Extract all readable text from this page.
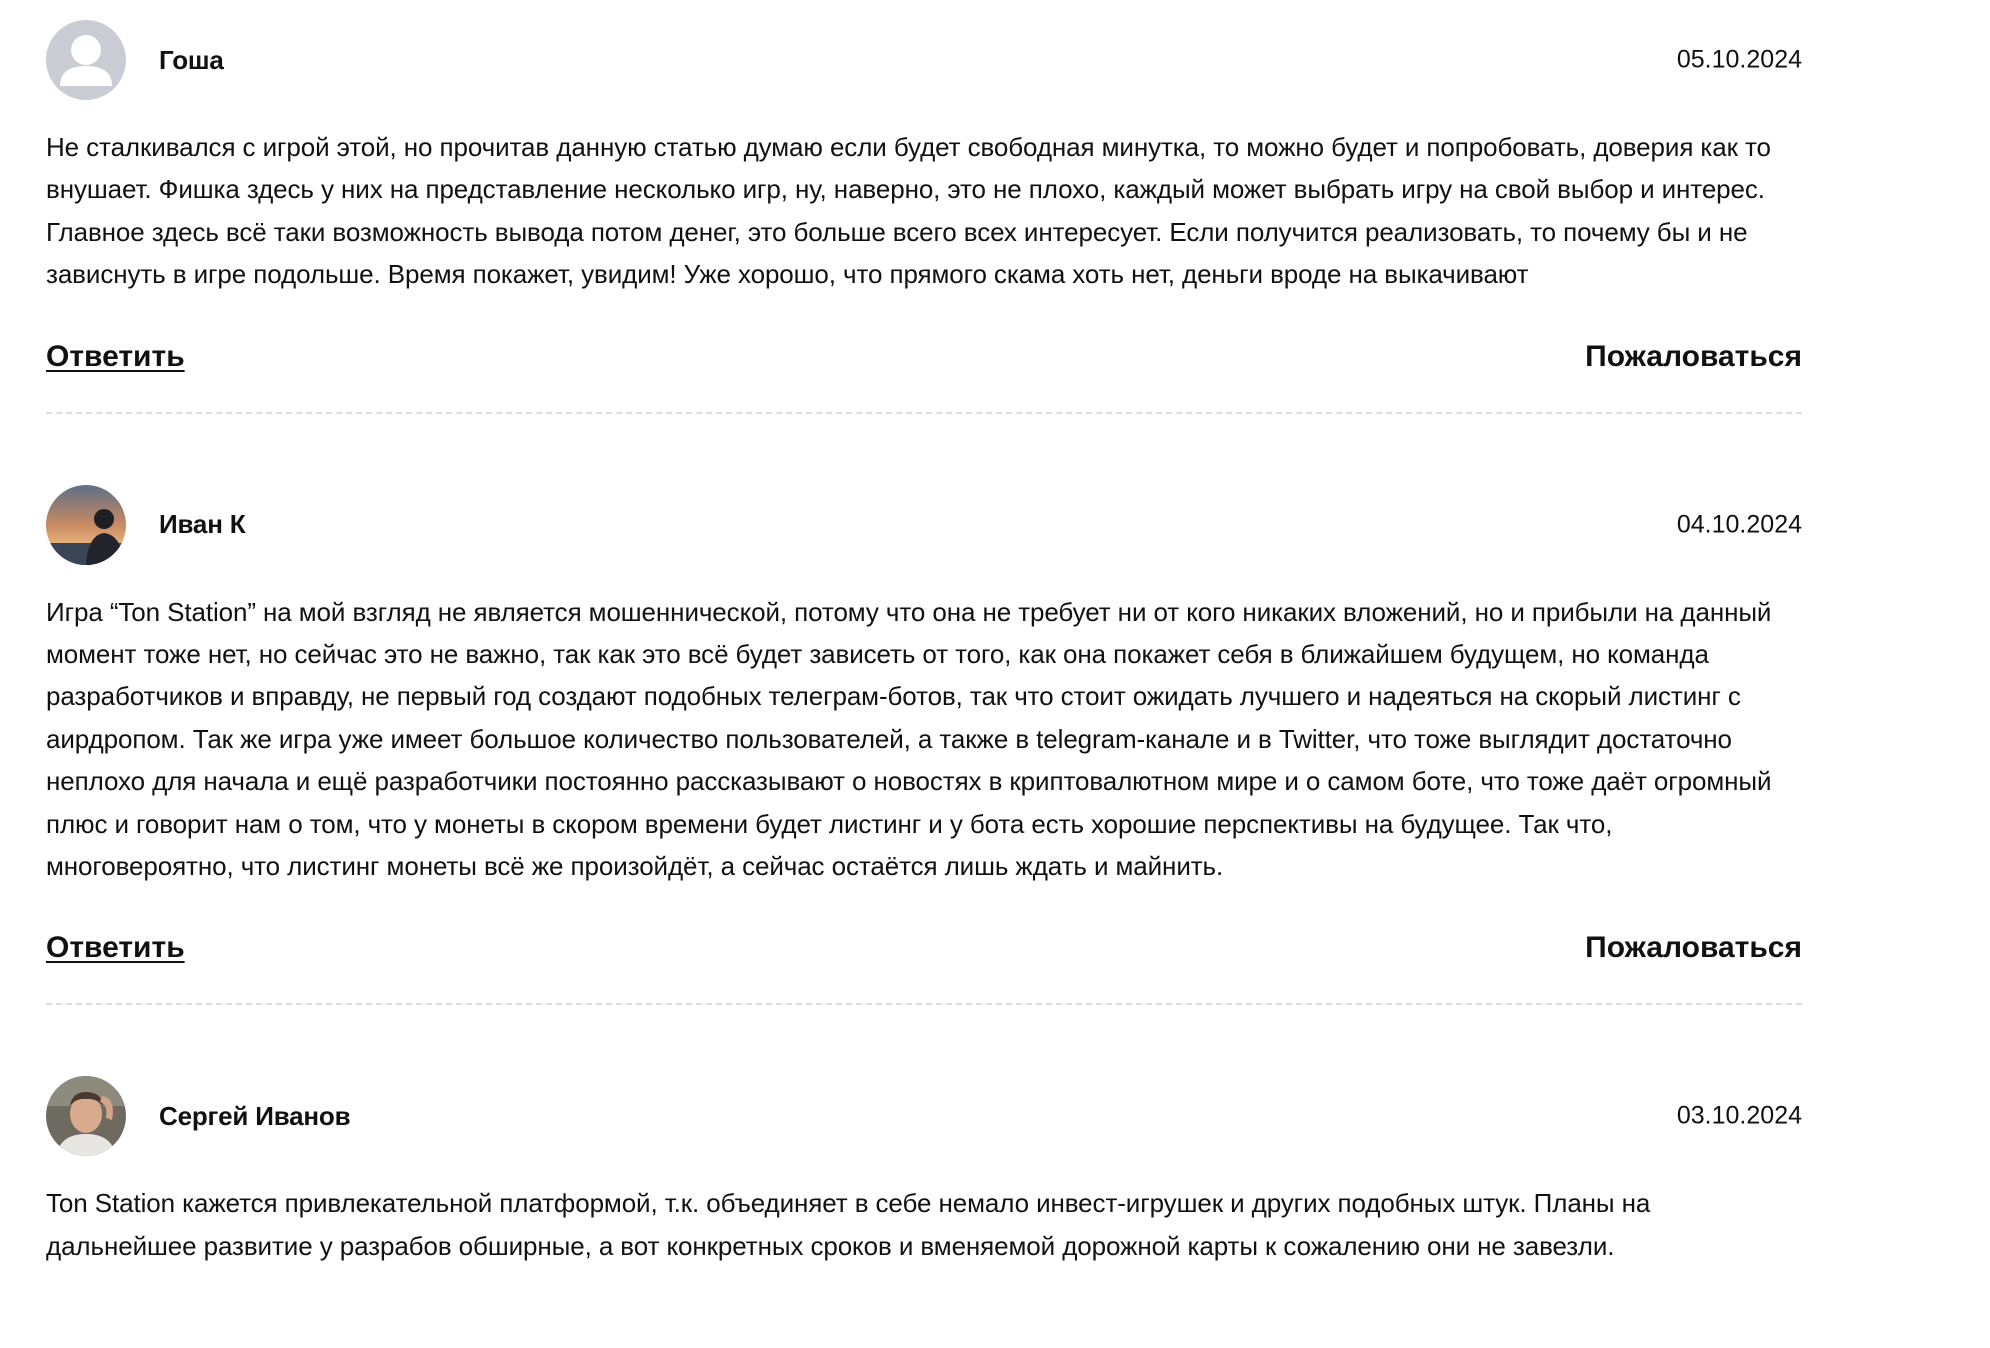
Гоша	05.10.2024

Не сталкивался с игрой этой, но прочитав данную статью думаю если будет свободная минутка, то можно будет и попробовать, доверия как то внушает. Фишка здесь у них на представление несколько игр, ну, наверно, это не плохо, каждый может выбрать игру на свой выбор и интерес. Главное здесь всё таки возможность вывода потом денег, это больше всего всех интересует. Если получится реализовать, то почему бы и не зависнуть в игре подольше. Время покажет, увидим! Уже хорошо, что прямого скама хоть нет, деньги вроде на выкачивают

Ответить	Пожаловаться
Иван К	04.10.2024

Игра “Ton Station” на мой взгляд не является мошеннической, потому что она не требует ни от кого никаких вложений, но и прибыли на данный момент тоже нет, но сейчас это не важно, так как это всё будет зависеть от того, как она покажет себя в ближайшем будущем, но команда разработчиков и вправду, не первый год создают подобных телеграм-ботов, так что стоит ожидать лучшего и надеяться на скорый листинг с аирдропом. Так же игра уже имеет большое количество пользователей, а также в telegram-канале и в Twitter, что тоже выглядит достаточно неплохо для начала и ещё разработчики постоянно рассказывают о новостях в криптовалютном мире и о самом боте, что тоже даёт огромный плюс и говорит нам о том, что у монеты в скором времени будет листинг и у бота есть хорошие перспективы на будущее. Так что, многовероятно, что листинг монеты всё же произойдёт, а сейчас остаётся лишь ждать и майнить.

Ответить	Пожаловаться
Сергей Иванов	03.10.2024

Ton Station кажется привлекательной платформой, т.к. объединяет в себе немало инвест-игрушек и других подобных штук. Планы на дальнейшее развитие у разрабов обширные, а вот конкретных сроков и вменяемой дорожной карты к сожалению они не завезли.
